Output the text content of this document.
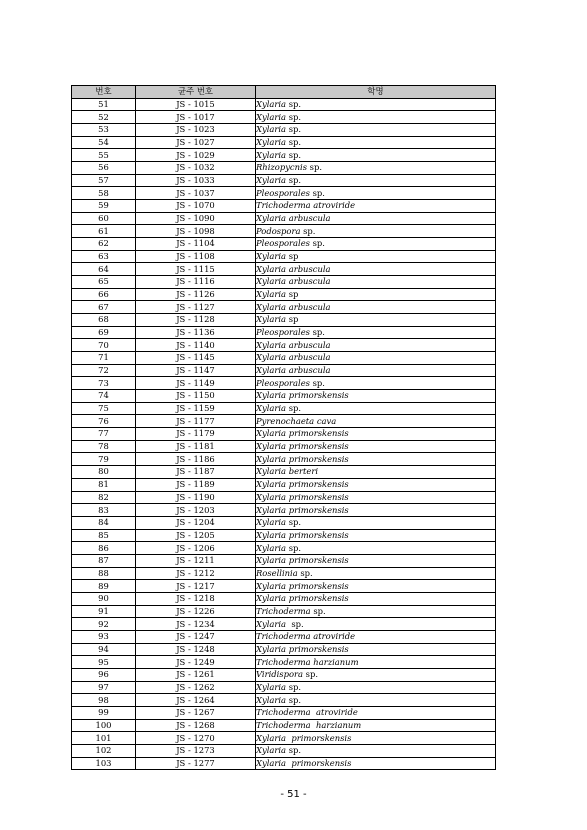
번호	균주 번호	학명
51	JS - 1015	Xylaria sp.
52	JS - 1017	Xylaria sp.
53	JS - 1023	Xylaria sp.
54	JS - 1027	Xylaria sp.
55	JS - 1029	Xylaria sp.
56	JS - 1032	Rhizopycnis sp.
57	JS - 1033	Xylaria sp.
58	JS - 1037	Pleosporales sp.
59	JS - 1070	Trichoderma atroviride
60	JS - 1090	Xylaria arbuscula
61	JS - 1098	Podospora sp.
62	JS - 1104	Pleosporales sp.
63	JS - 1108	Xylaria sp
64	JS - 1115	Xylaria arbuscula
65	JS - 1116	Xylaria arbuscula
66	JS - 1126	Xylaria sp
67	JS - 1127	Xylaria arbuscula
68	JS - 1128	Xylaria sp
69	JS - 1136	Pleosporales sp.
70	JS - 1140	Xylaria arbuscula
71	JS - 1145	Xylaria arbuscula
72	JS - 1147	Xylaria arbuscula
73	JS - 1149	Pleosporales sp.
74	JS - 1150	Xylaria primorskensis
75	JS - 1159	Xylaria sp.
76	JS - 1177	Pyrenochaeta cava
77	JS - 1179	Xylaria primorskensis
78	JS - 1181	Xylaria primorskensis
79	JS - 1186	Xylaria primorskensis
80	JS - 1187	Xylaria berteri
81	JS - 1189	Xylaria primorskensis
82	JS - 1190	Xylaria primorskensis
83	JS - 1203	Xylaria primorskensis
84	JS - 1204	Xylaria sp.
85	JS - 1205	Xylaria primorskensis
86	JS - 1206	Xylaria sp.
87	JS - 1211	Xylaria primorskensis
88	JS - 1212	Rosellinia sp.
89	JS - 1217	Xylaria primorskensis
90	JS - 1218	Xylaria primorskensis
91	JS - 1226	Trichoderma sp.
92	JS - 1234	Xylaria  sp.
93	JS - 1247	Trichoderma atroviride
94	JS - 1248	Xylaria primorskensis
95	JS - 1249	Trichoderma harzianum
96	JS - 1261	Viridispora sp.
97	JS - 1262	Xylaria sp.
98	JS - 1264	Xylaria sp.
99	JS - 1267	Trichoderma  atroviride
100	JS - 1268	Trichoderma  harzianum
101	JS - 1270	Xylaria  primorskensis
102	JS - 1273	Xylaria sp.
103	JS - 1277	Xylaria  primorskensis
- 51 -
